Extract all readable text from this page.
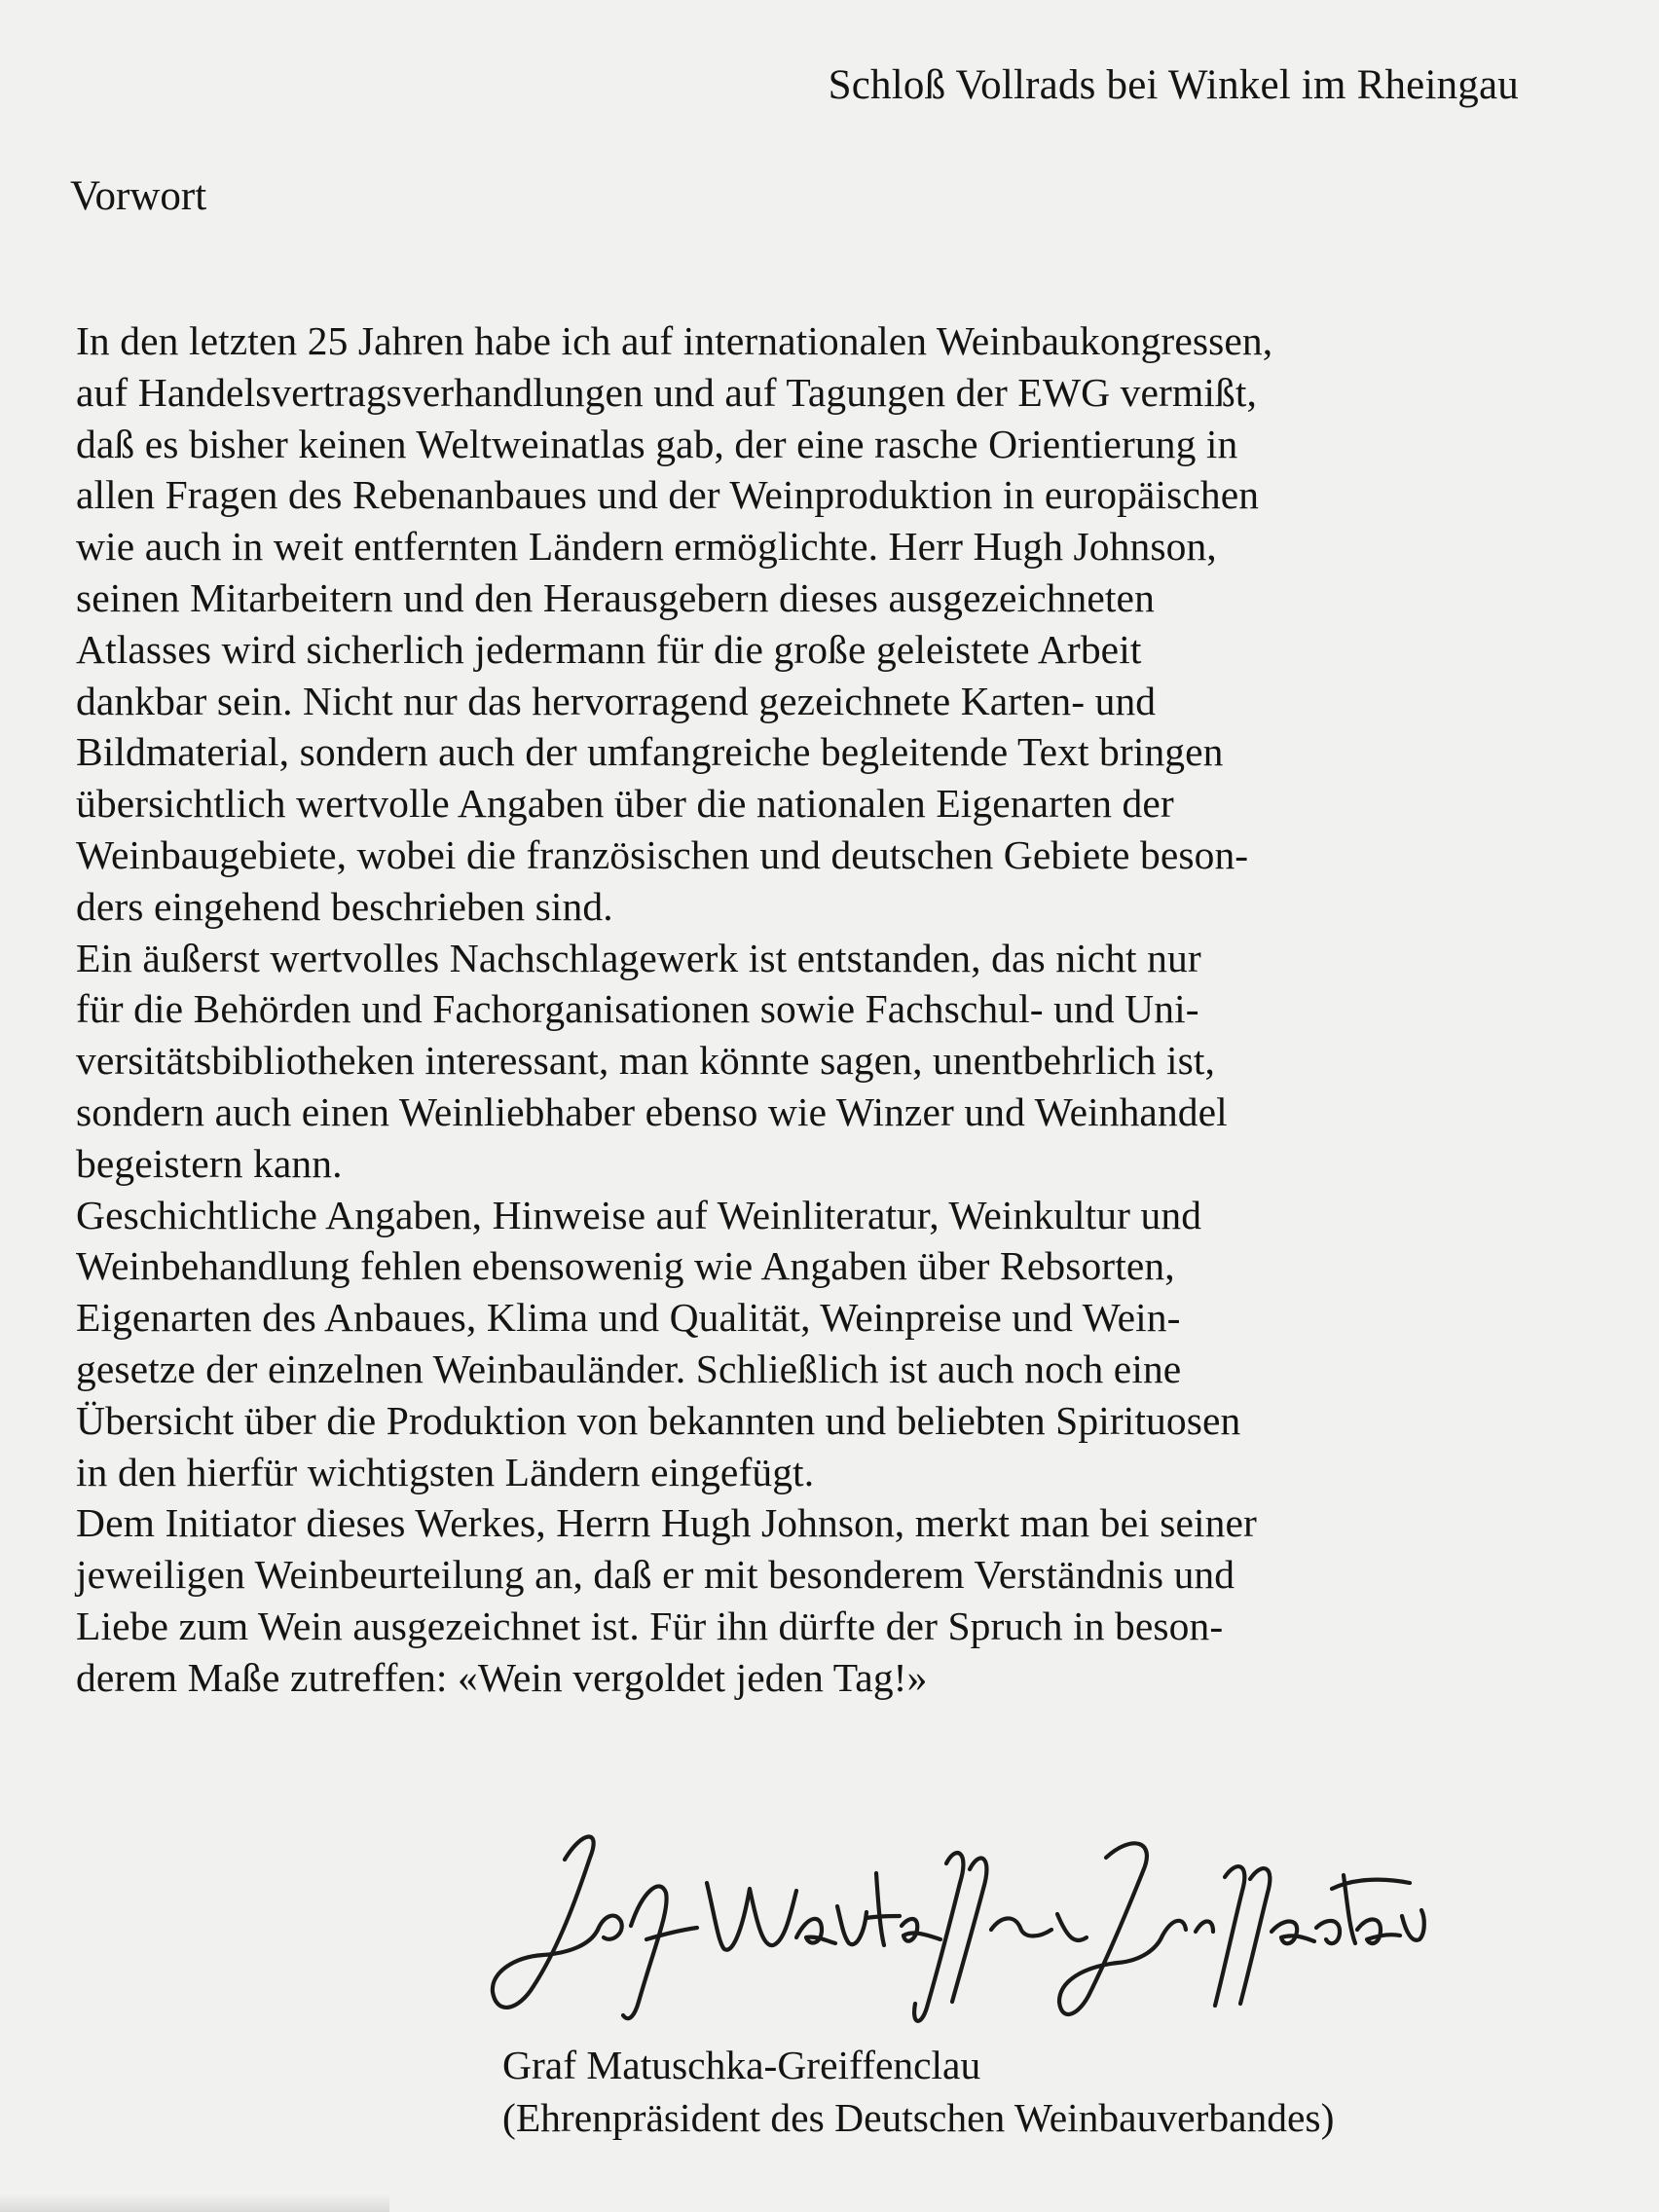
Schloß Vollrads bei Winkel im Rheingau
Vorwort
In den letzten 25 Jahren habe ich auf internationalen Weinbaukongressen,
auf Handelsvertragsverhandlungen und auf Tagungen der EWG vermißt,
daß es bisher keinen Weltweinatlas gab, der eine rasche Orientierung in
allen Fragen des Rebenanbaues und der Weinproduktion in europäischen
wie auch in weit entfernten Ländern ermöglichte. Herr Hugh Johnson,
seinen Mitarbeitern und den Herausgebern dieses ausgezeichneten
Atlasses wird sicherlich jedermann für die große geleistete Arbeit
dankbar sein. Nicht nur das hervorragend gezeichnete Karten- und
Bildmaterial, sondern auch der umfangreiche begleitende Text bringen
übersichtlich wertvolle Angaben über die nationalen Eigenarten der
Weinbaugebiete, wobei die französischen und deutschen Gebiete beson-
ders eingehend beschrieben sind.
Ein äußerst wertvolles Nachschlagewerk ist entstanden, das nicht nur
für die Behörden und Fachorganisationen sowie Fachschul- und Uni-
versitätsbibliotheken interessant, man könnte sagen, unentbehrlich ist,
sondern auch einen Weinliebhaber ebenso wie Winzer und Weinhandel
begeistern kann.
Geschichtliche Angaben, Hinweise auf Weinliteratur, Weinkultur und
Weinbehandlung fehlen ebensowenig wie Angaben über Rebsorten,
Eigenarten des Anbaues, Klima und Qualität, Weinpreise und Wein-
gesetze der einzelnen Weinbauländer. Schließlich ist auch noch eine
Übersicht über die Produktion von bekannten und beliebten Spirituosen
in den hierfür wichtigsten Ländern eingefügt.
Dem Initiator dieses Werkes, Herrn Hugh Johnson, merkt man bei seiner
jeweiligen Weinbeurteilung an, daß er mit besonderem Verständnis und
Liebe zum Wein ausgezeichnet ist. Für ihn dürfte der Spruch in beson-
derem Maße zutreffen: «Wein vergoldet jeden Tag!»
Graf Matuschka-Greiffenclau
(Ehrenpräsident des Deutschen Weinbauverbandes)
